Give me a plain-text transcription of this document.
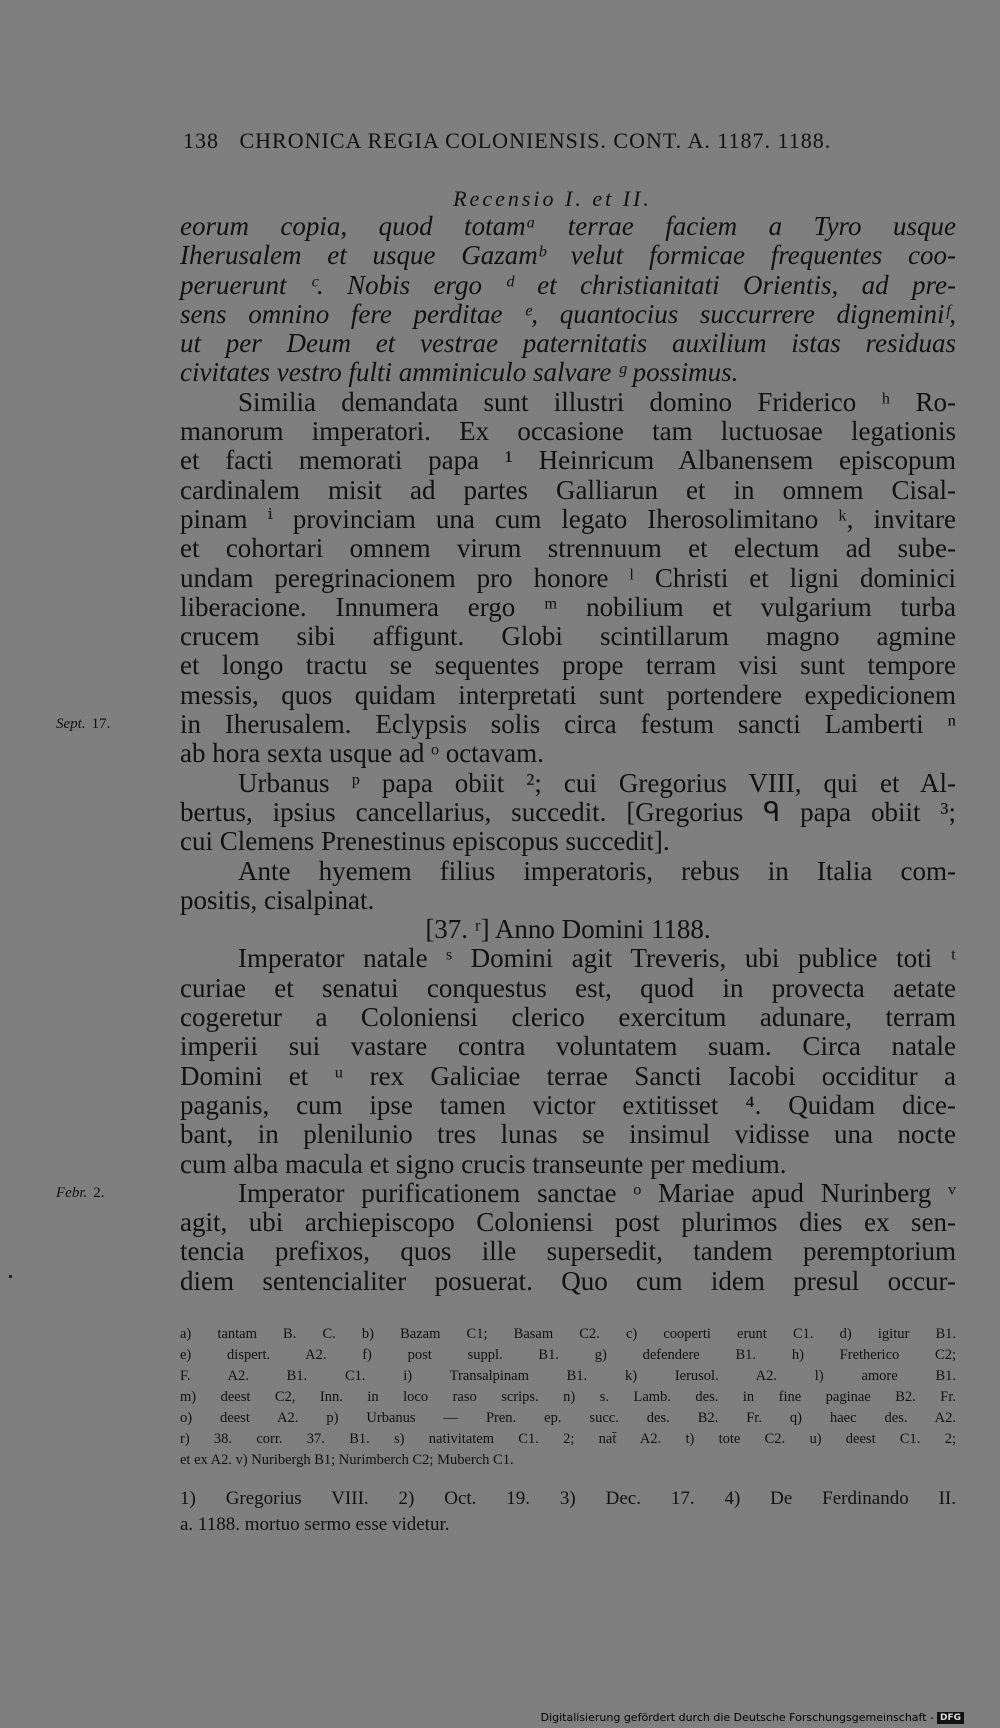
138 CHRONICA REGIA COLONIENSIS. CONT. A. 1187. 1188.
Recensio I. et II.
eorum copia, quod totamᵃ terrae faciem a Tyro usque
Iherusalem et usque Gazamᵇ velut formicae frequentes coo-
peruerunt ᶜ. Nobis ergo ᵈ et christianitati Orientis, ad pre-
sens omnino fere perditae ᵉ, quantocius succurrere digneminiᶠ,
ut per Deum et vestrae paternitatis auxilium istas residuas
civitates vestro fulti amminiculo salvare ᵍ possimus.
Similia demandata sunt illustri domino Friderico ʰ Ro-
manorum imperatori. Ex occasione tam luctuosae legationis
et facti memorati papa ¹ Heinricum Albanensem episcopum
cardinalem misit ad partes Galliarun et in omnem Cisal-
pinam ⁱ provinciam una cum legato Iherosolimitano ᵏ, invitare
et cohortari omnem virum strennuum et electum ad sube-
undam peregrinacionem pro honore ˡ Christi et ligni dominici
liberacione. Innumera ergo ᵐ nobilium et vulgarium turba
crucem sibi affigunt. Globi scintillarum magno agmine
et longo tractu se sequentes prope terram visi sunt tempore
messis, quos quidam interpretati sunt portendere expedicionem
Sept. 17.	in Iherusalem. Eclypsis solis circa festum sancti Lamberti ⁿ
ab hora sexta usque ad ᵒ octavam.
Urbanus ᵖ papa obiit ²; cui Gregorius VIII, qui et Al-
bertus, ipsius cancellarius, succedit. [Gregorius ᑫ papa obiit ³;
cui Clemens Prenestinus episcopus succedit].
Ante hyemem filius imperatoris, rebus in Italia com-
positis, cisalpinat.
[37. ʳ] Anno Domini 1188.
Imperator natale ˢ Domini agit Treveris, ubi publice toti ᵗ
curiae et senatui conquestus est, quod in provecta aetate
cogeretur a Coloniensi clerico exercitum adunare, terram
imperii sui vastare contra voluntatem suam. Circa natale
Domini et ᵘ rex Galiciae terrae Sancti Iacobi occiditur a
paganis, cum ipse tamen victor extitisset ⁴. Quidam dice-
bant, in plenilunio tres lunas se insimul vidisse una nocte
cum alba macula et signo crucis transeunte per medium.
Febr. 2.	Imperator purificationem sanctae ᵒ Mariae apud Nurinberg ᵛ
agit, ubi archiepiscopo Coloniensi post plurimos dies ex sen-
tencia prefixos, quos ille supersedit, tandem peremptorium
diem sentencialiter posuerat. Quo cum idem presul occur-
a) tantam B. C. b) Bazam C1; Basam C2. c) cooperti erunt C1. d) igitur B1.
e) dispert. A2. f) post suppl. B1. g) defendere B1. h) Fretherico C2;
F. A2. B1. C1. i) Transalpinam B1. k) Ierusol. A2. l) amore B1.
m) deest C2, Inn. in loco raso scrips. n) s. Lamb. des. in fine paginae B2. Fr.
o) deest A2. p) Urbanus — Pren. ep. succ. des. B2. Fr. q) haec des. A2.
r) 38. corr. 37. B1. s) nativitatem C1. 2; nat̄ A2. t) tote C2. u) deest C1. 2;
et ex A2. v) Nuribergh B1; Nurimberch C2; Muberch C1.
1) Gregorius VIII. 2) Oct. 19. 3) Dec. 17. 4) De Ferdinando II.
a. 1188. mortuo sermo esse videtur.
Digitalisierung gefördert durch die Deutsche Forschungsgemeinschaft - DFG
